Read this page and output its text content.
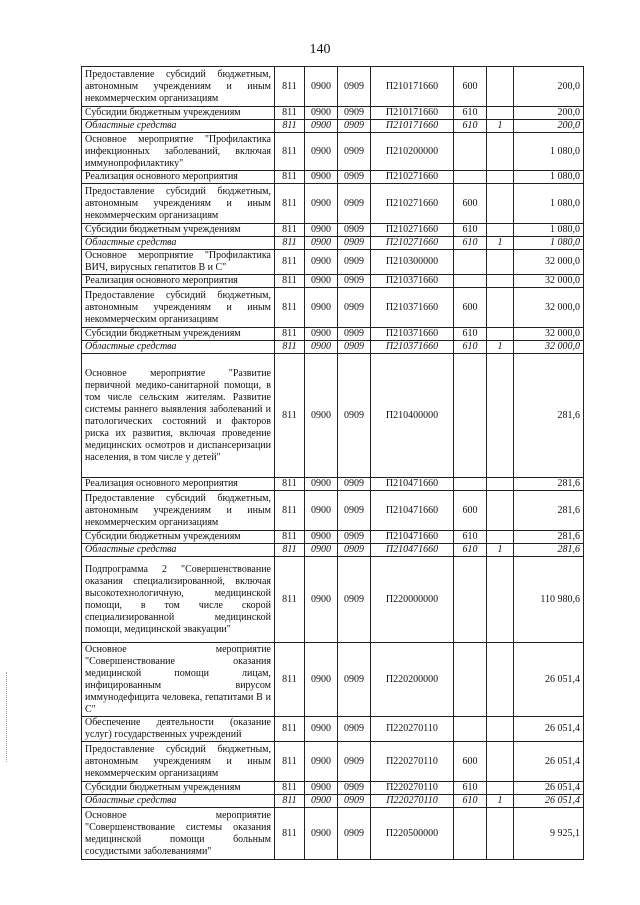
140
Предоставление субсидий бюджетным, автономным учреждениям и иным некоммерческим организациям	811	0900	0909	П210171660	600		200,0
Субсидии бюджетным учреждениям	811	0900	0909	П210171660	610		200,0
Областные средства	811	0900	0909	П210171660	610	1	200,0
Основное мероприятие "Профилактика инфекционных заболеваний, включая иммунопрофилактику"	811	0900	0909	П210200000			1 080,0
Реализация основного мероприятия	811	0900	0909	П210271660			1 080,0
Предоставление субсидий бюджетным, автономным учреждениям и иным некоммерческим организациям	811	0900	0909	П210271660	600		1 080,0
Субсидии бюджетным учреждениям	811	0900	0909	П210271660	610		1 080,0
Областные средства	811	0900	0909	П210271660	610	1	1 080,0
Основное мероприятие "Профилактика ВИЧ, вирусных гепатитов В и С"	811	0900	0909	П210300000			32 000,0
Реализация основного мероприятия	811	0900	0909	П210371660			32 000,0
Предоставление субсидий бюджетным, автономным учреждениям и иным некоммерческим организациям	811	0900	0909	П210371660	600		32 000,0
Субсидии бюджетным учреждениям	811	0900	0909	П210371660	610		32 000,0
Областные средства	811	0900	0909	П210371660	610	1	32 000,0
Основное мероприятие "Развитие первичной медико-санитарной помощи, в том числе сельским жителям. Развитие системы раннего выявления заболеваний и патологических состояний и факторов риска их развития, включая проведение медицинских осмотров и диспансеризации населения, в том числе у детей"	811	0900	0909	П210400000			281,6
Реализация основного мероприятия	811	0900	0909	П210471660			281,6
Предоставление субсидий бюджетным, автономным учреждениям и иным некоммерческим организациям	811	0900	0909	П210471660	600		281,6
Субсидии бюджетным учреждениям	811	0900	0909	П210471660	610		281,6
Областные средства	811	0900	0909	П210471660	610	1	281,6
Подпрограмма 2 "Совершенствование оказания специализированной, включая высокотехнологичную, медицинской помощи, в том числе скорой специализированной медицинской помощи, медицинской эвакуации"	811	0900	0909	П220000000			110 980,6
Основное мероприятие "Совершенствование оказания медицинской помощи лицам, инфицированным вирусом иммунодефицита человека, гепатитами В и С"	811	0900	0909	П220200000			26 051,4
Обеспечение деятельности (оказание услуг) государственных учреждений	811	0900	0909	П220270110			26 051,4
Предоставление субсидий бюджетным, автономным учреждениям и иным некоммерческим организациям	811	0900	0909	П220270110	600		26 051,4
Субсидии бюджетным учреждениям	811	0900	0909	П220270110	610		26 051,4
Областные средства	811	0900	0909	П220270110	610	1	26 051,4
Основное мероприятие "Совершенствование системы оказания медицинской помощи больным сосудистыми заболеваниями"	811	0900	0909	П220500000			9 925,1
